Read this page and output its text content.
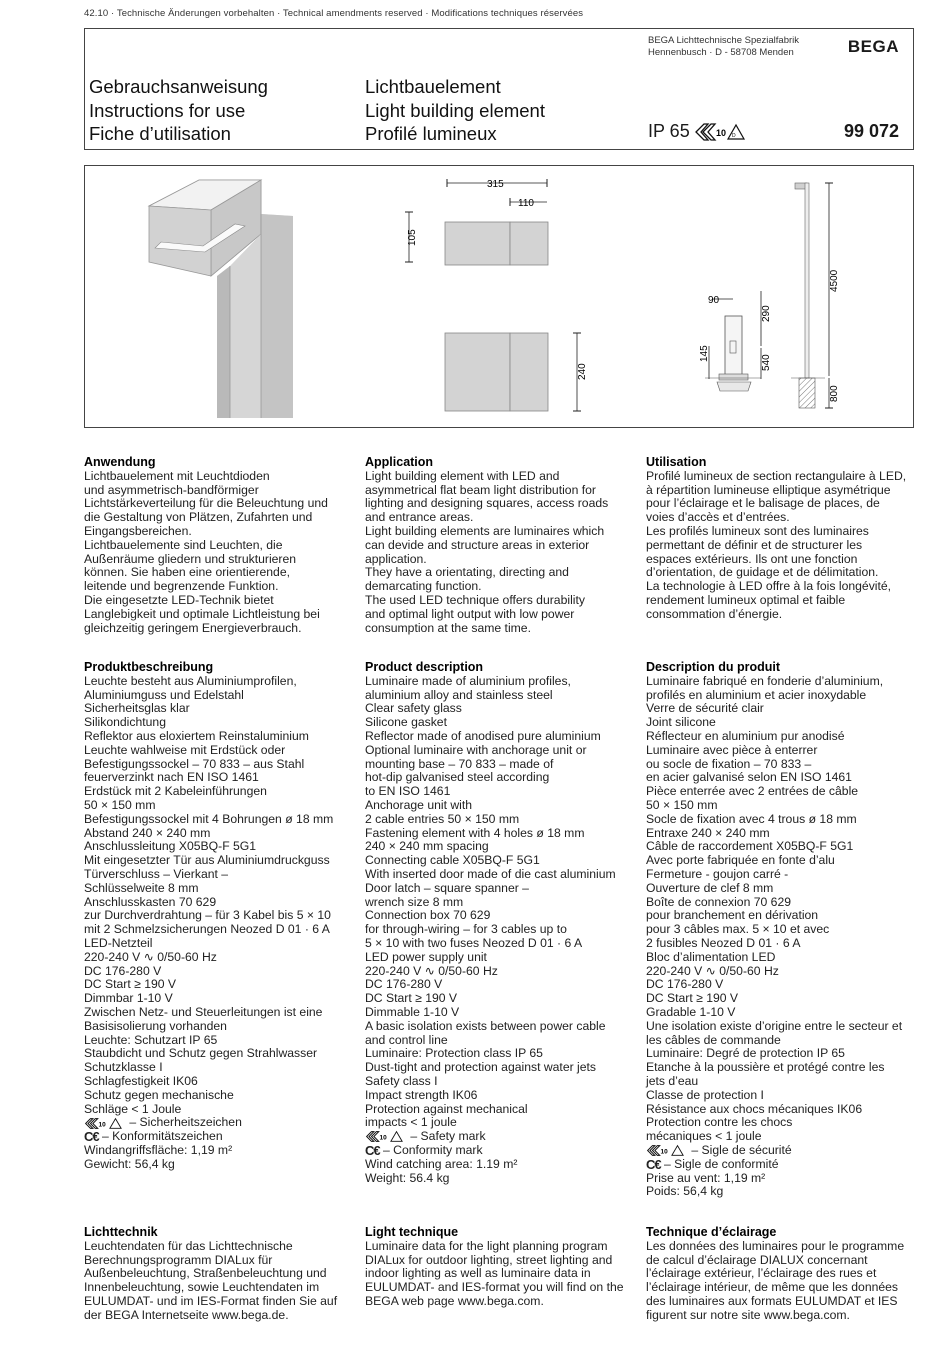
42.10 · Technische Änderungen vorbehalten · Technical amendments reserved · Modifications techniques réservées
BEGA Lichttechnische Spezialfabrik
Hennenbusch · D - 58708 Menden	BEGA
Gebrauchsanweisung
Instructions for use
Fiche d’utilisation
Lichtbauelement
Light building element
Profilé lumineux	IP 65	10 D	99 072
315
110
105
240
90
145
290
540
4500
800
Anwendung

Lichtbauelement mit Leuchtdioden
und asymmetrisch-bandförmiger
Lichtstärkeverteilung für die Beleuchtung und
die Gestaltung von Plätzen, Zufahrten und
Eingangsbereichen.
Lichtbauelemente sind Leuchten, die
Außenräume gliedern und strukturieren
können. Sie haben eine orientierende,
leitende und begrenzende Funktion.
Die eingesetzte LED-Technik bietet
Langlebigkeit und optimale Lichtleistung bei
gleichzeitig geringem Energieverbrauch.

Application

Light building element with LED and
asymmetrical flat beam light distribution for
lighting and designing squares, access roads
and entrance areas.
Light building elements are luminaires which
can devide and structure areas in exterior
application.
They have a orientating, directing and
demarcating function.
The used LED technique offers durability
and optimal light output with low power
consumption at the same time.

Utilisation

Profilé lumineux de section rectangulaire à LED,
à répartition lumineuse elliptique asymétrique
pour l’éclairage et le balisage de places, de
voies d’accès et d’entrées.
Les profilés lumineux sont des luminaires
permettant de définir et de structurer les
espaces extérieurs. Ils ont une fonction
d’orientation, de guidage et de délimitation.
La technologie à LED offre à la fois longévité,
rendement lumineux optimal et faible
consommation d’énergie.

Produktbeschreibung

Leuchte besteht aus Aluminiumprofilen,
Aluminiumguss und Edelstahl
Sicherheitsglas klar
Silikondichtung
Reflektor aus eloxiertem Reinstaluminium
Leuchte wahlweise mit Erdstück oder
Befestigungssockel – 70 833 – aus Stahl
feuerverzinkt nach EN ISO 1461
Erdstück mit 2 Kabeleinführungen
50 × 150 mm
Befestigungssockel mit 4 Bohrungen ø 18 mm
Abstand 240 × 240 mm
Anschlussleitung X05BQ-F 5G1
Mit eingesetzter Tür aus Aluminiumdruckguss
Türverschluss – Vierkant –
Schlüsselweite 8 mm
Anschlusskasten 70 629
zur Durchverdrahtung – für 3 Kabel bis 5 × 10
mit 2 Schmelzsicherungen Neozed D 01 · 6 A
LED-Netzteil
220-240 V ∿ 0/50-60 Hz
DC 176-280 V
DC Start ≥ 190 V
Dimmbar 1-10 V
Zwischen Netz- und Steuerleitungen ist eine
Basisisolierung vorhanden
Leuchte: Schutzart IP 65
Staubdicht und Schutz gegen Strahlwasser
Schutzklasse I
Schlagfestigkeit IK06
Schutz gegen mechanische
Schläge < 1 Joule

10 – Sicherheitszeichen
C€ – Konformitätszeichen

Windangriffsfläche: 1,19 m²
Gewicht: 56,4 kg

Product description

Luminaire made of aluminium profiles,
aluminium alloy and stainless steel
Clear safety glass
Silicone gasket
Reflector made of anodised pure aluminium
Optional luminaire with anchorage unit or
mounting base – 70 833 – made of
hot-dip galvanised steel according
to EN ISO 1461
Anchorage unit with
2 cable entries 50 × 150 mm
Fastening element with 4 holes ø 18 mm
240 × 240 mm spacing
Connecting cable X05BQ-F 5G1
With inserted door made of die cast aluminium
Door latch – square spanner –
wrench size 8 mm
Connection box 70 629
for through-wiring – for 3 cables up to
5 × 10 with two fuses Neozed D 01 · 6 A
LED power supply unit
220-240 V ∿ 0/50-60 Hz
DC 176-280 V
DC Start ≥ 190 V
Dimmable 1-10 V
A basic isolation exists between power cable
and control line
Luminaire: Protection class IP 65
Dust-tight and protection against water jets
Safety class I
Impact strength IK06
Protection against mechanical
impacts < 1 joule

10 – Safety mark
C€ – Conformity mark

Wind catching area: 1.19 m²
Weight: 56.4 kg

Description du produit

Luminaire fabriqué en fonderie d’aluminium,
profilés en aluminium et acier inoxydable
Verre de sécurité clair
Joint silicone
Réflecteur en aluminium pur anodisé
Luminaire avec pièce à enterrer
ou socle de fixation – 70 833 –
en acier galvanisé selon EN ISO 1461
Pièce enterrée avec 2 entrées de câble
50 × 150 mm
Socle de fixation avec 4 trous ø 18 mm
Entraxe 240 × 240 mm
Câble de raccordement X05BQ-F 5G1
Avec porte fabriquée en fonte d’alu
Fermeture - goujon carré -
Ouverture de clef 8 mm
Boîte de connexion 70 629
pour branchement en dérivation
pour 3 câbles max. 5 × 10 et avec
2 fusibles Neozed D 01 · 6 A
Bloc d’alimentation LED
220-240 V ∿ 0/50-60 Hz
DC 176-280 V
DC Start ≥ 190 V
Gradable 1-10 V
Une isolation existe d’origine entre le secteur et
les câbles de commande
Luminaire: Degré de protection IP 65
Etanche à la poussière et protégé contre les
jets d’eau
Classe de protection I
Résistance aux chocs mécaniques IK06
Protection contre les chocs
mécaniques < 1 joule

10 – Sigle de sécurité
C€ – Sigle de conformité

Prise au vent: 1,19 m²
Poids: 56,4 kg

Lichttechnik

Leuchtendaten für das Lichttechnische
Berechnungsprogramm DIALux für
Außenbeleuchtung, Straßenbeleuchtung und
Innenbeleuchtung, sowie Leuchtendaten im
EULUMDAT- und im IES-Format finden Sie auf
der BEGA Internetseite www.bega.de.

Light technique

Luminaire data for the light planning program
DIALux for outdoor lighting, street lighting and
indoor lighting as well as luminaire data in
EULUMDAT- and IES-format you will find on the
BEGA web page www.bega.com.

Technique d’éclairage

Les données des luminaires pour le programme
de calcul d’éclairage DIALUX concernant
l’éclairage extérieur, l’éclairage des rues et
l’éclairage intérieur, de même que les données
des luminaires aux formats EULUMDAT et IES
figurent sur notre site www.bega.com.
